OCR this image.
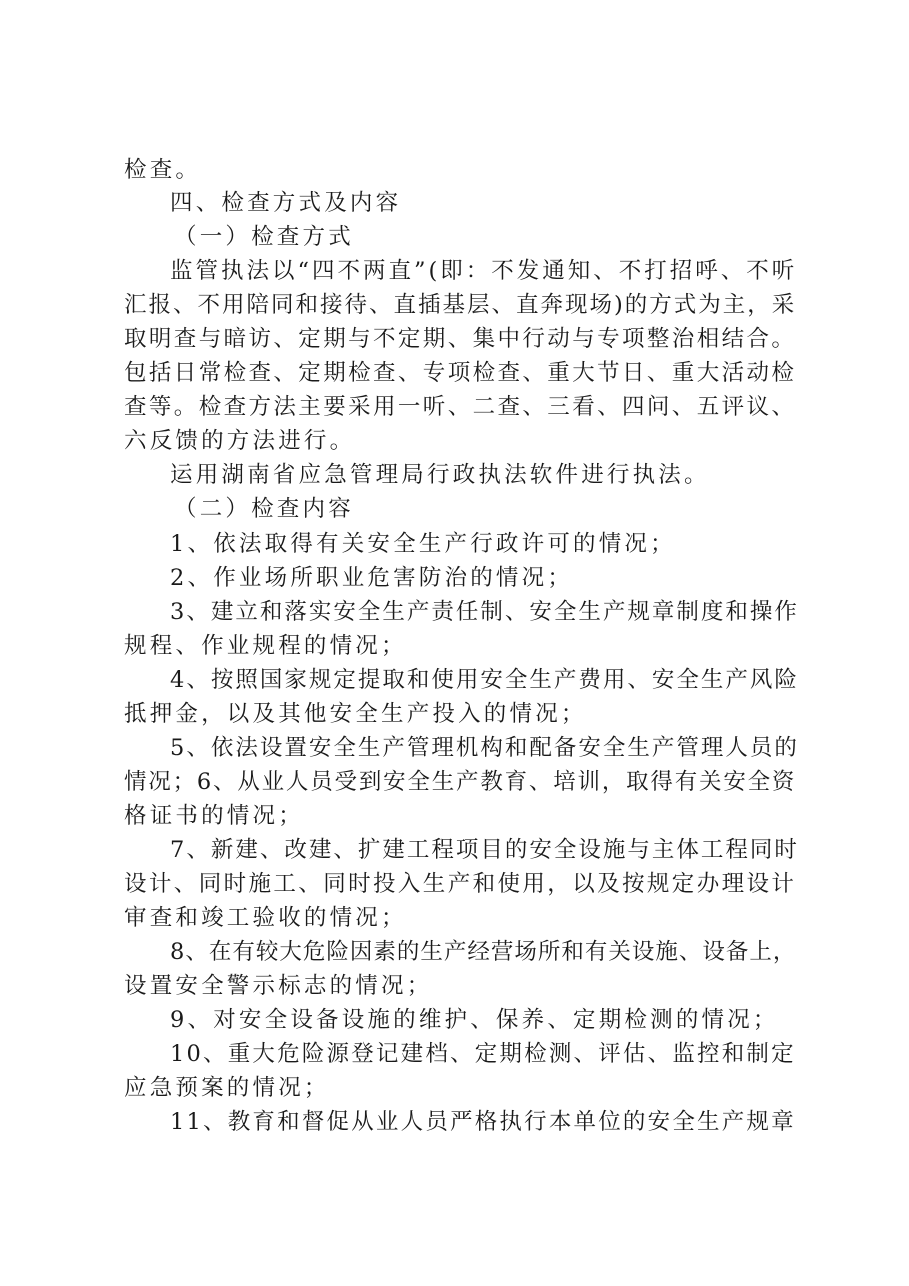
检查。
四、检查方式及内容
（一）检查方式
监管执法以“四不两直”(即：不发通知、不打招呼、不听
汇报、不用陪同和接待、直插基层、直奔现场)的方式为主，采
取明查与暗访、定期与不定期、集中行动与专项整治相结合。
包括日常检查、定期检查、专项检查、重大节日、重大活动检
查等。检查方法主要采用一听、二查、三看、四问、五评议、
六反馈的方法进行。
运用湖南省应急管理局行政执法软件进行执法。
（二）检查内容
1、依法取得有关安全生产行政许可的情况；
2、作业场所职业危害防治的情况；
3、建立和落实安全生产责任制、安全生产规章制度和操作
规程、作业规程的情况；
4、按照国家规定提取和使用安全生产费用、安全生产风险
抵押金，以及其他安全生产投入的情况；
5、依法设置安全生产管理机构和配备安全生产管理人员的
情况；6、从业人员受到安全生产教育、培训，取得有关安全资
格证书的情况；
7、新建、改建、扩建工程项目的安全设施与主体工程同时
设计、同时施工、同时投入生产和使用，以及按规定办理设计
审查和竣工验收的情况；
8、在有较大危险因素的生产经营场所和有关设施、设备上，
设置安全警示标志的情况；
9、对安全设备设施的维护、保养、定期检测的情况；
10、重大危险源登记建档、定期检测、评估、监控和制定
应急预案的情况；
11、教育和督促从业人员严格执行本单位的安全生产规章
